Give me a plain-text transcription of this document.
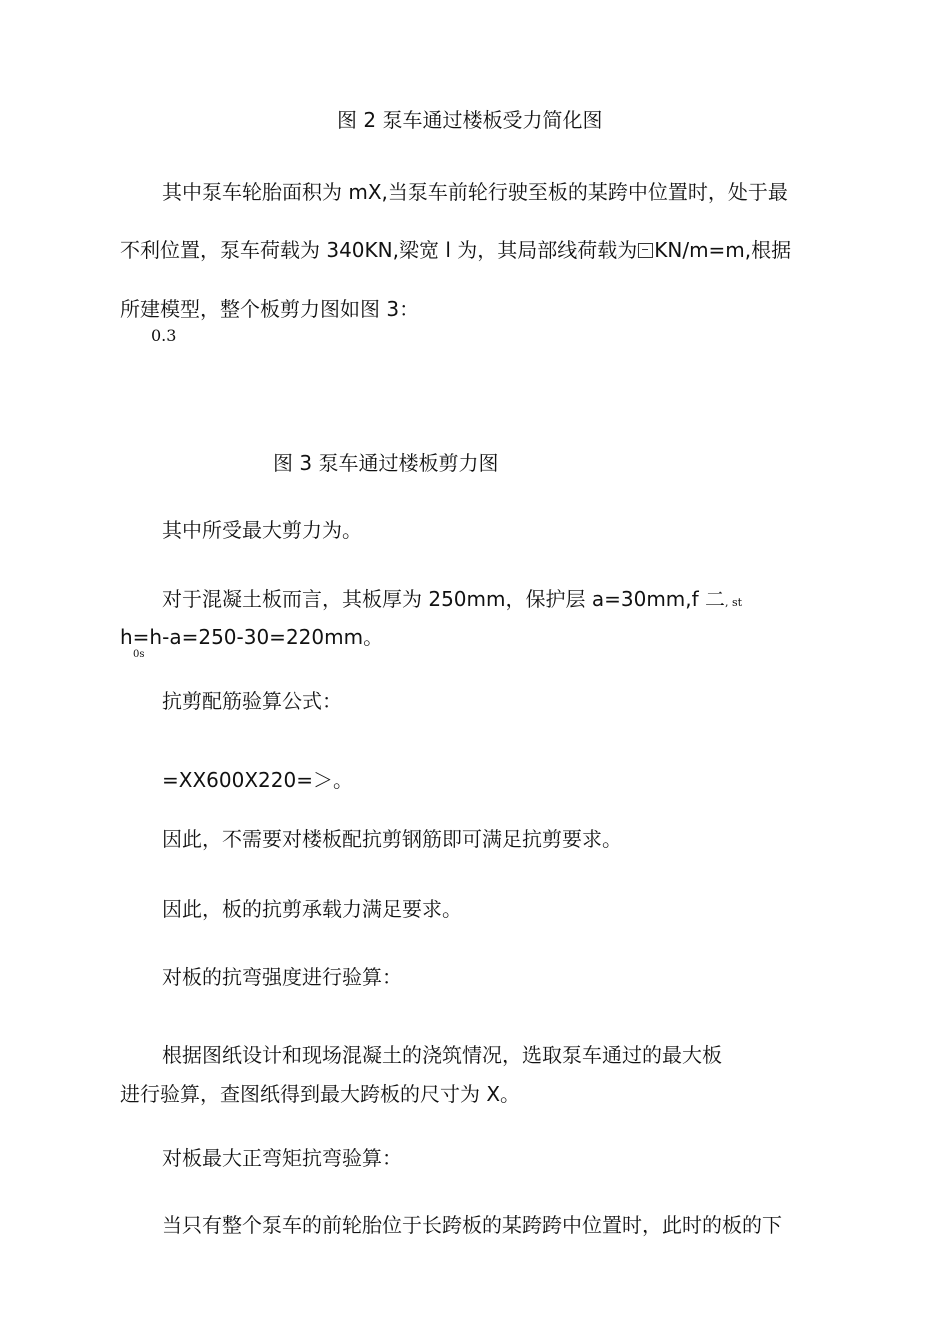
图 2 泵车通过楼板受力简化图
其中泵车轮胎面积为 mX,当泵车前轮行驶至板的某跨中位置时，处于最
不利位置，泵车荷载为 340KN,梁宽 l 为，其局部线荷载为 KN/m=m,根据
所建模型，整个板剪力图如图 3：
0.3
图 3 泵车通过楼板剪力图
其中所受最大剪力为。
对于混凝土板而言，其板厚为 250mm，保护层 a=30mm,f 二, st
h=h-a=250-30=220mm。
0s
抗剪配筋验算公式：
=XX600X220=＞。
因此，不需要对楼板配抗剪钢筋即可满足抗剪要求。
因此，板的抗剪承载力满足要求。
对板的抗弯强度进行验算：
根据图纸设计和现场混凝土的浇筑情况，选取泵车通过的最大板
进行验算，查图纸得到最大跨板的尺寸为 X。
对板最大正弯矩抗弯验算：
当只有整个泵车的前轮胎位于长跨板的某跨跨中位置时，此时的板的下
